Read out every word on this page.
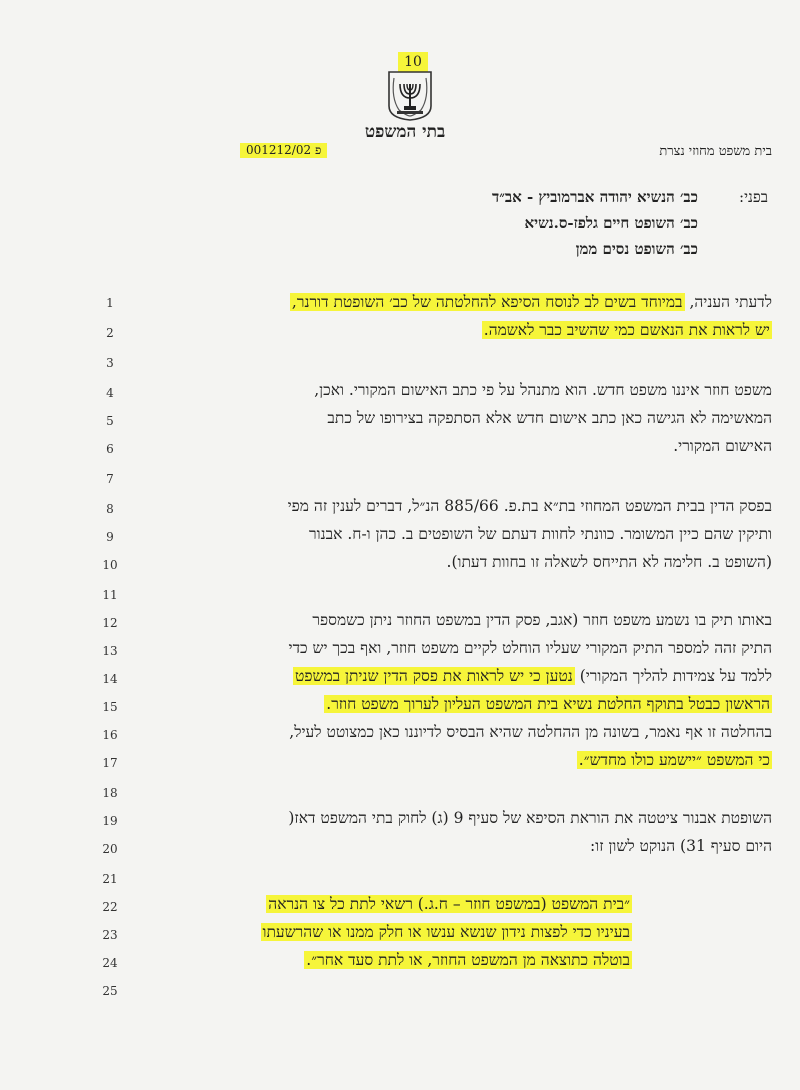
10
בתי המשפט
בית משפט מחוזי נצרת
001212/02 פ
בפני:
כב׳ הנשיא יהודה אברמוביץ - אב״ד
כב׳ השופט חיים גלפז-ס.נשיא
כב׳ השופט נסים ממן
1
2
3
4
5
6
7
8
9
10
11
12
13
14
15
16
17
18
19
20
21
22
23
24
25
לדעתי העניה, במיוחד בשים לב לנוסח הסיפא להחלטתה של כב׳ השופטת דורנר,
יש לראות את הנאשם כמי שהשיב כבר לאשמה.
משפט חוזר איננו משפט חדש. הוא מתנהל על פי כתב האישום המקורי. ואכן,
המאשימה לא הגישה כאן כתב אישום חדש אלא הסתפקה בצירופו של כתב
האישום המקורי.
בפסק הדין בבית המשפט המחוזי בת״א בת.פ. 885/66 הנ״ל, דברים לענין זה מפי
ותיקין שהם כיין המשומר. כוונתי לחוות דעתם של השופטים ב. כהן ו-ח. אבנור
(השופט ב. חלימה לא התייחס לשאלה זו בחוות דעתו).
באותו תיק בו נשמע משפט חוזר (אגב, פסק הדין במשפט החוזר ניתן כשמספר
התיק זהה למספר התיק המקורי שעליו הוחלט לקיים משפט חוזר, ואף בכך יש כדי
ללמד על צמידות להליך המקורי) נטען כי יש לראות את פסק הדין שניתן במשפט
הראשון כבטל בתוקף החלטת נשיא בית המשפט העליון לערוך משפט חוזר.
בהחלטה זו אף נאמר, בשונה מן ההחלטה שהיא הבסיס לדיוננו כאן כמצוטט לעיל,
כי המשפט ״יישמע כולו מחדש״.
השופטת אבנור ציטטה את הוראת הסיפא של סעיף 9 (ג) לחוק בתי המשפט דאז(
היום סעיף 31) הנוקט לשון זו:
״בית המשפט (במשפט חוזר – ח.ג.) רשאי לתת כל צו הנראה
בעיניו כדי לפצות נידון שנשא ענשו או חלק ממנו או שהרשעתו
בוטלה כתוצאה מן המשפט החוזר, או לתת סעד אחר״.
